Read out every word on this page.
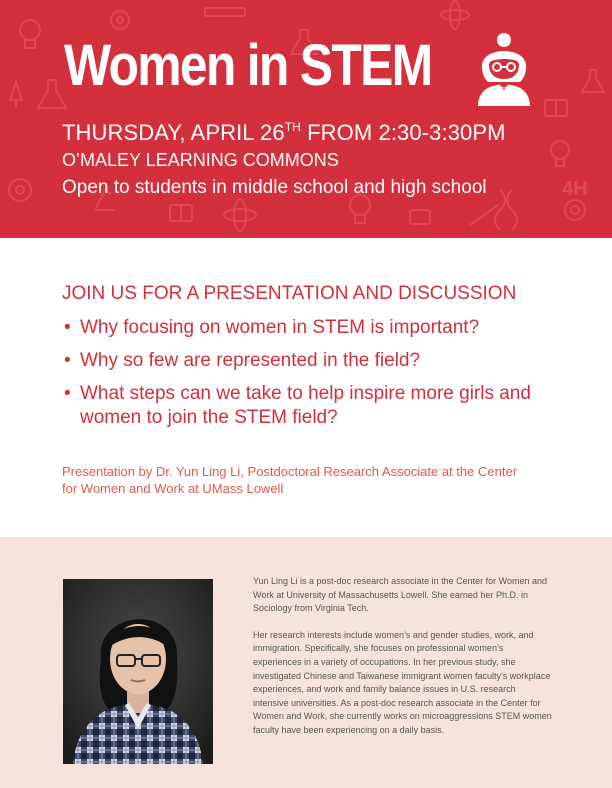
4H
Women in STEM

THURSDAY, APRIL 26TH FROM 2:30-3:30PM

O’MALEY LEARNING COMMONS

Open to students in middle school and high school

JOIN US FOR A PRESENTATION AND DISCUSSION
• Why focusing on women in STEM is important?
• Why so few are represented in the field?
• What steps can we take to help inspire more girls and women to join the STEM field?

Presentation by Dr. Yun Ling Li, Postdoctoral Research Associate at the Center for Women and Work at UMass Lowell

Yun Ling Li is a post-doc research associate in the Center for Women and Work at University of Massachusetts Lowell. She earned her Ph.D. in Sociology from Virginia Tech.

Her research interests include women’s and gender studies, work, and immigration. Specifically, she focuses on professional women’s experiences in a variety of occupations. In her previous study, she investigated Chinese and Taiwanese immigrant women faculty’s workplace experiences, and work and family balance issues in U.S. research intensive universities. As a post-doc research associate in the Center for Women and Work, she currently works on microaggressions STEM women faculty have been experiencing on a daily basis.
